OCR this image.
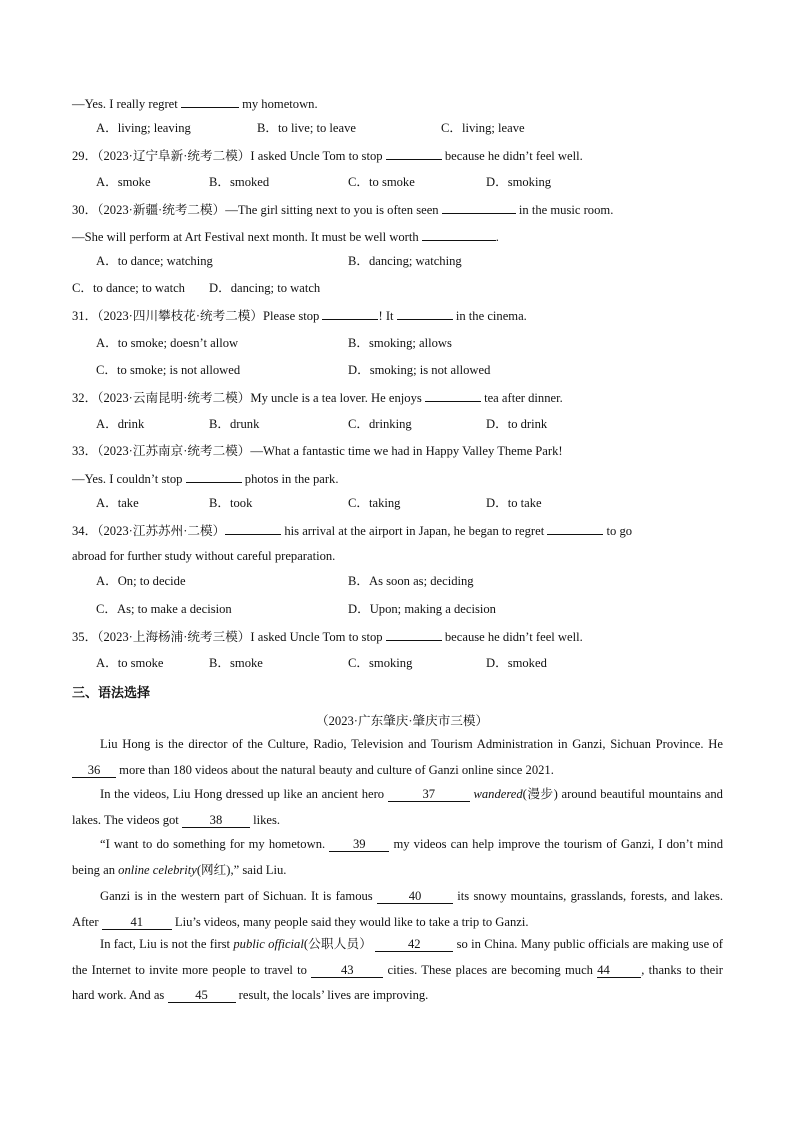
—Yes. I really regret	my hometown.
A．living; leaving	B．to live; to leave	C．living; leave
29．（2023·辽宁阜新·统考二模）I asked Uncle Tom to stop	because he didn’t feel well.
A．smoke	B．smoked	C．to smoke	D．smoking
30．（2023·新疆·统考二模）—The girl sitting next to you is often seen	in the music room.
—She will perform at Art Festival next month. It must be well worth	.
A．to dance; watching	B．dancing; watching
C．to dance; to watch D．dancing; to watch
31．（2023·四川攀枝花·统考二模）Please stop	! It	in the cinema.
A．to smoke; doesn’t allow	B．smoking; allows
C．to smoke; is not allowed	D．smoking; is not allowed
32．（2023·云南昆明·统考二模）My uncle is a tea lover. He enjoys	tea after dinner.
A．drink	B．drunk	C．drinking	D．to drink
33．（2023·江苏南京·统考二模）—What a fantastic time we had in Happy Valley Theme Park!
—Yes. I couldn’t stop	photos in the park.
A．take	B．took	C．taking	D．to take
34．（2023·江苏苏州·二模）	his arrival at the airport in Japan, he began to regret	to go
abroad for further study without careful preparation.
A．On; to decide	B．As soon as; deciding
C．As; to make a decision	D．Upon; making a decision
35．（2023·上海杨浦·统考三模）I asked Uncle Tom to stop	because he didn’t feel well.
A．to smoke	B．smoke	C．smoking	D．smoked
三、语法选择
（2023·广东肇庆·肇庆市三模）
Liu Hong is the director of the Culture, Radio, Television and Tourism Administration in Ganzi, Sichuan Province. He 36 more than 180 videos about the natural beauty and culture of Ganzi online since 2021.
In the videos, Liu Hong dressed up like an ancient hero	37	wandered(漫步) around beautiful mountains and lakes. The videos got 38 likes.
“I want to do something for my hometown. 39 my videos can help improve the tourism of Ganzi, I don’t mind being an online celebrity(网红),” said Liu.
Ganzi is in the western part of Sichuan. It is famous	40	its snowy mountains, grasslands, forests, and lakes. After	41	Liu’s videos, many people said they would like to take a trip to Ganzi.
In fact, Liu is not the first public official(公职人员）	42	so in China. Many public officials are making use of the Internet to invite more people to travel to	43	cities. These places are becoming much 44 , thanks to their hard work. And as 45 result, the locals’ lives are improving.
